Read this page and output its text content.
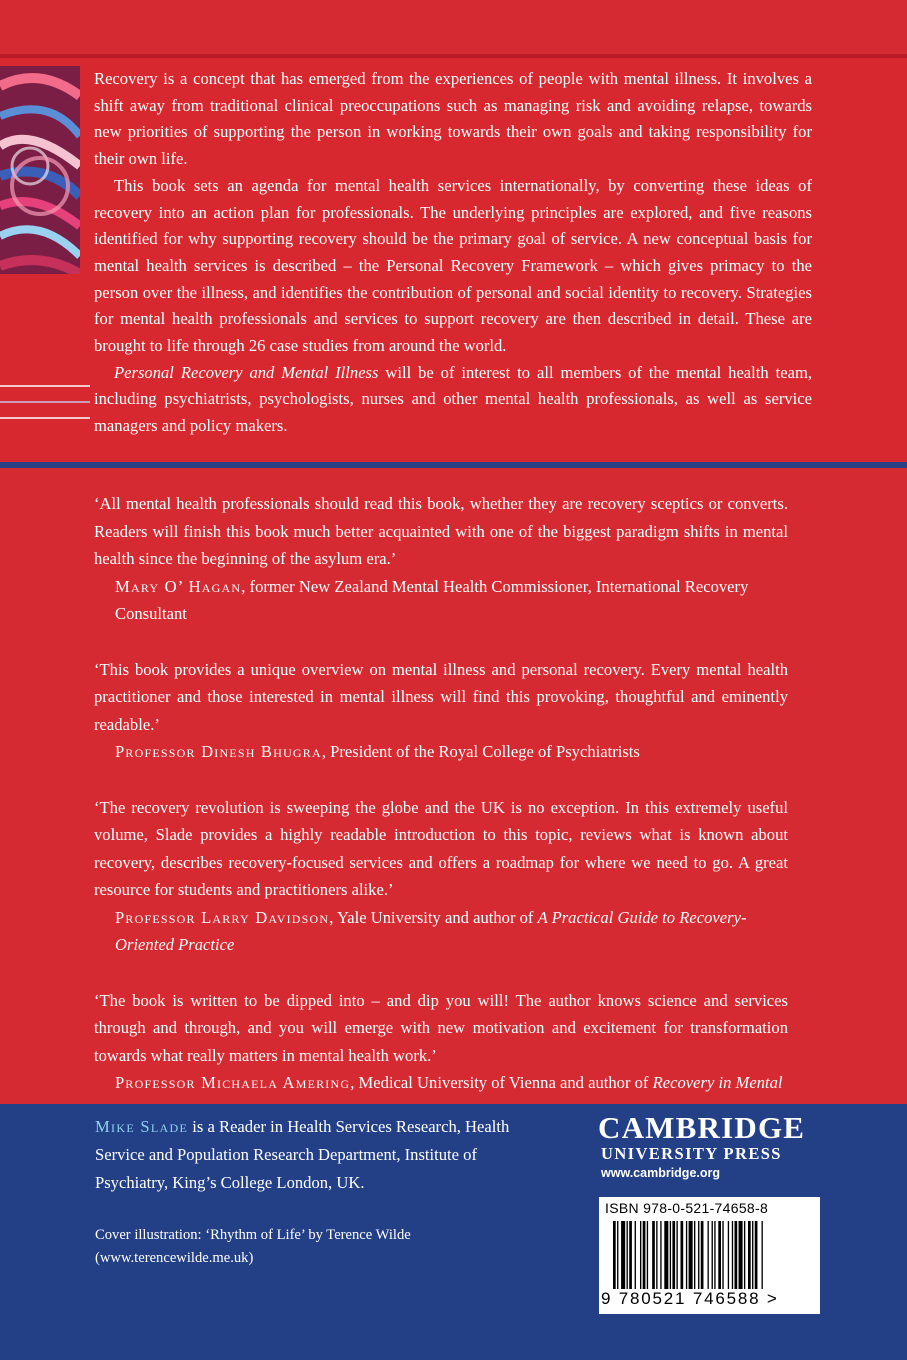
Recovery is a concept that has emerged from the experiences of people with mental illness. It involves a shift away from traditional clinical preoccupations such as managing risk and avoiding relapse, towards new priorities of supporting the person in working towards their own goals and taking responsibility for their own life.

This book sets an agenda for mental health services internationally, by converting these ideas of recovery into an action plan for professionals. The underlying principles are explored, and five reasons identified for why supporting recovery should be the primary goal of service. A new conceptual basis for mental health services is described – the Personal Recovery Framework – which gives primacy to the person over the illness, and identifies the contribution of personal and social identity to recovery. Strategies for mental health professionals and services to support recovery are then described in detail. These are brought to life through 26 case studies from around the world.

Personal Recovery and Mental Illness will be of interest to all members of the mental health team, including psychiatrists, psychologists, nurses and other mental health professionals, as well as service managers and policy makers.

‘All mental health professionals should read this book, whether they are recovery sceptics or converts. Readers will finish this book much better acquainted with one of the biggest paradigm shifts in mental health since the beginning of the asylum era.’

Mary O’ Hagan, former New Zealand Mental Health Commissioner, International Recovery Consultant

‘This book provides a unique overview on mental illness and personal recovery. Every mental health practitioner and those interested in mental illness will find this provoking, thoughtful and eminently readable.’

Professor Dinesh Bhugra, President of the Royal College of Psychiatrists

‘The recovery revolution is sweeping the globe and the UK is no exception. In this extremely useful volume, Slade provides a highly readable introduction to this topic, reviews what is known about recovery, describes recovery-focused services and offers a roadmap for where we need to go. A great resource for students and practitioners alike.’

Professor Larry Davidson, Yale University and author of A Practical Guide to Recovery-Oriented Practice

‘The book is written to be dipped into – and dip you will! The author knows science and services through and through, and you will emerge with new motivation and excitement for transformation towards what really matters in mental health work.’

Professor Michaela Amering, Medical University of Vienna and author of Recovery in Mental

Mike Slade is a Reader in Health Services Research, Health Service and Population Research Department, Institute of Psychiatry, King’s College London, UK.
Cover illustration: ‘Rhythm of Life’ by Terence Wilde
(www.terencewilde.me.uk)
CAMBRIDGE
UNIVERSITY PRESS
www.cambridge.org
ISBN 978-0-521-74658-8
9 780521 746588 >
